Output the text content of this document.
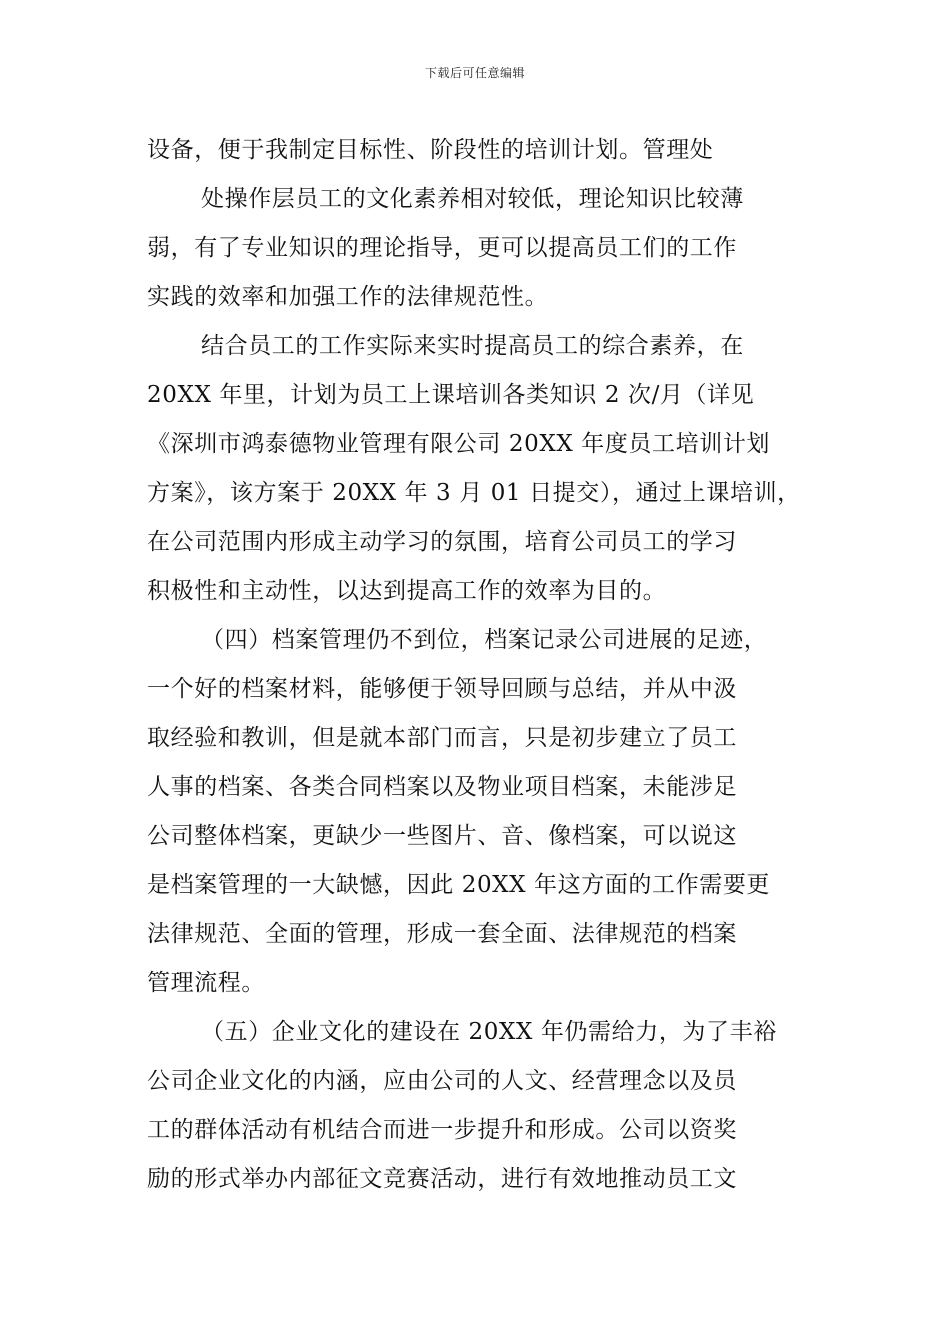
下载后可任意编辑
设备，便于我制定目标性、阶段性的培训计划。管理处
处操作层员工的文化素养相对较低，理论知识比较薄
弱，有了专业知识的理论指导，更可以提高员工们的工作
实践的效率和加强工作的法律规范性。
结合员工的工作实际来实时提高员工的综合素养，在
20XX 年里，计划为员工上课培训各类知识 2 次/月（详见
《深圳市鸿泰德物业管理有限公司 20XX 年度员工培训计划
方案》，该方案于 20XX 年 3 月 01 日提交），通过上课培训，
在公司范围内形成主动学习的氛围，培育公司员工的学习
积极性和主动性，以达到提高工作的效率为目的。
（四）档案管理仍不到位，档案记录公司进展的足迹，
一个好的档案材料，能够便于领导回顾与总结，并从中汲
取经验和教训，但是就本部门而言，只是初步建立了员工
人事的档案、各类合同档案以及物业项目档案，未能涉足
公司整体档案，更缺少一些图片、音、像档案，可以说这
是档案管理的一大缺憾，因此 20XX 年这方面的工作需要更
法律规范、全面的管理，形成一套全面、法律规范的档案
管理流程。
（五）企业文化的建设在 20XX 年仍需给力，为了丰裕
公司企业文化的内涵，应由公司的人文、经营理念以及员
工的群体活动有机结合而进一步提升和形成。公司以资奖
励的形式举办内部征文竞赛活动，进行有效地推动员工文
